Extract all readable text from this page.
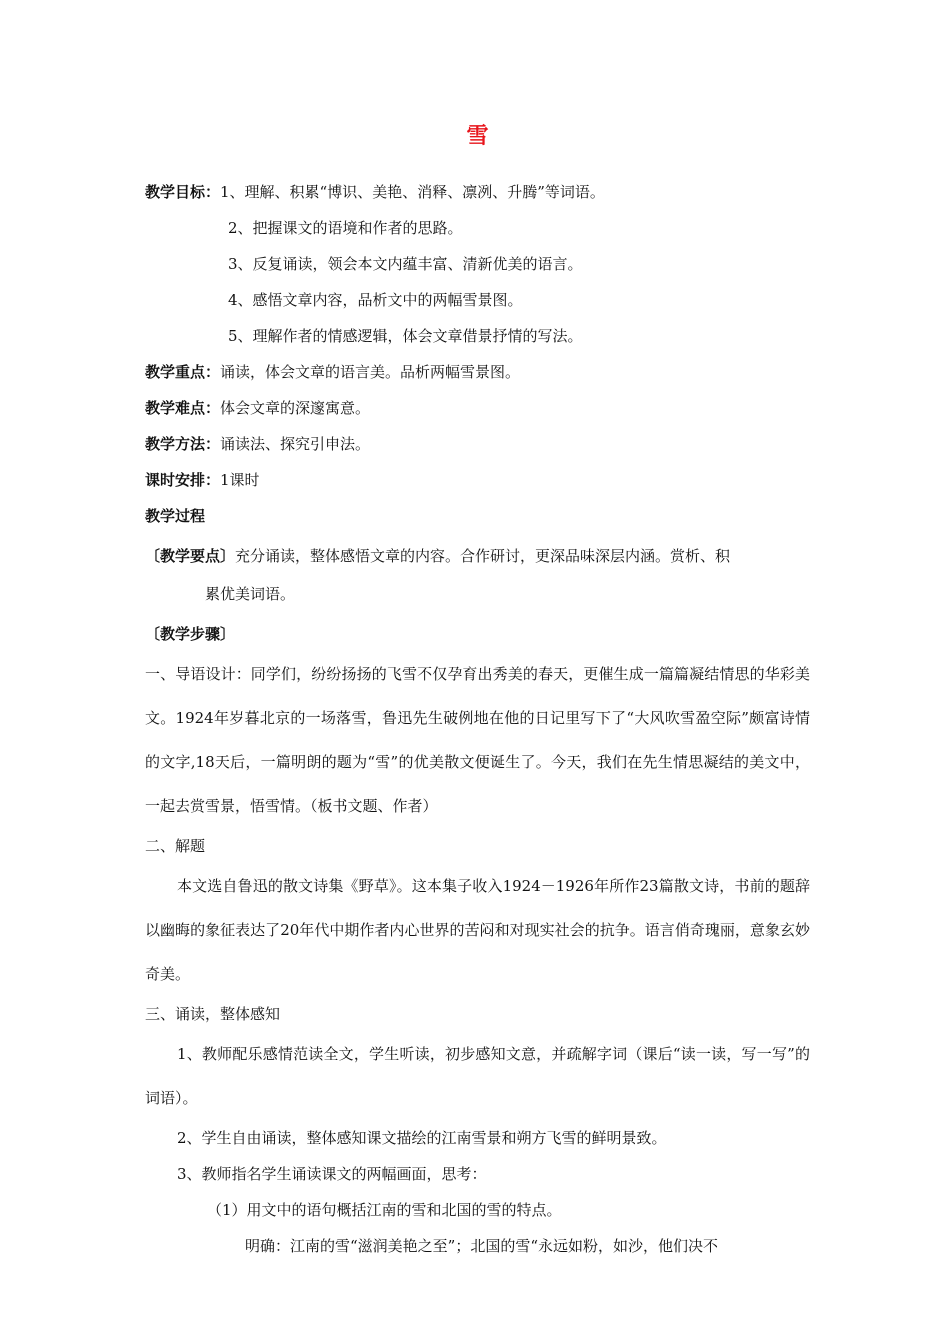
雪
教学目标：1、理解、积累“博识、美艳、消释、凛冽、升腾”等词语。
2、把握课文的语境和作者的思路。
3、反复诵读，领会本文内蕴丰富、清新优美的语言。
4、感悟文章内容，品析文中的两幅雪景图。
5、理解作者的情感逻辑，体会文章借景抒情的写法。
教学重点：诵读，体会文章的语言美。品析两幅雪景图。
教学难点：体会文章的深邃寓意。
教学方法：诵读法、探究引申法。
课时安排：1课时
教学过程
〔教学要点〕充分诵读，整体感悟文章的内容。合作研讨，更深品味深层内涵。赏析、积
累优美词语。
〔教学步骤〕
一、导语设计：同学们，纷纷扬扬的飞雪不仅孕育出秀美的春天，更催生成一篇篇凝结情思的华彩美文。1924年岁暮北京的一场落雪，鲁迅先生破例地在他的日记里写下了“大风吹雪盈空际”颇富诗情的文字,18天后，一篇明朗的题为“雪”的优美散文便诞生了。今天，我们在先生情思凝结的美文中，一起去赏雪景，悟雪情。（板书文题、作者）
二、解题
本文选自鲁迅的散文诗集《野草》。这本集子收入1924－1926年所作23篇散文诗，书前的题辞以幽晦的象征表达了20年代中期作者内心世界的苦闷和对现实社会的抗争。语言俏奇瑰丽，意象玄妙奇美。
三、诵读，整体感知
1、教师配乐感情范读全文，学生听读，初步感知文意，并疏解字词（课后“读一读，写一写”的词语）。
2、学生自由诵读，整体感知课文描绘的江南雪景和朔方飞雪的鲜明景致。
3、教师指名学生诵读课文的两幅画面，思考：
（1）用文中的语句概括江南的雪和北国的雪的特点。
明确：江南的雪“滋润美艳之至”；北国的雪“永远如粉，如沙，他们决不
